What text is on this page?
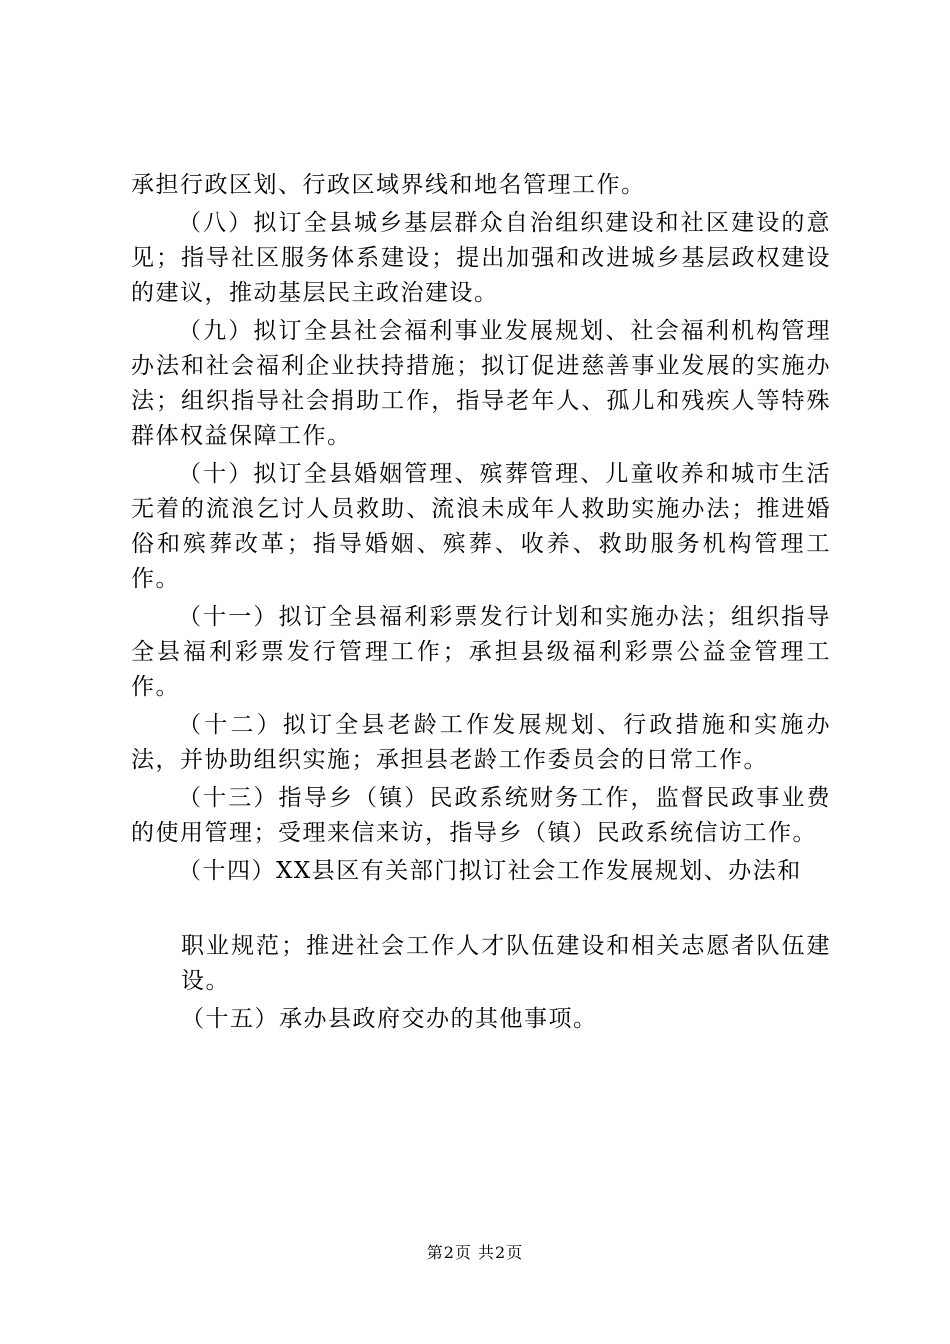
承担行政区划、行政区域界线和地名管理工作。

（八）拟订全县城乡基层群众自治组织建设和社区建设的意见；指导社区服务体系建设；提出加强和改进城乡基层政权建设的建议，推动基层民主政治建设。

（九）拟订全县社会福利事业发展规划、社会福利机构管理办法和社会福利企业扶持措施；拟订促进慈善事业发展的实施办法；组织指导社会捐助工作，指导老年人、孤儿和残疾人等特殊群体权益保障工作。

（十）拟订全县婚姻管理、殡葬管理、儿童收养和城市生活无着的流浪乞讨人员救助、流浪未成年人救助实施办法；推进婚俗和殡葬改革；指导婚姻、殡葬、收养、救助服务机构管理工作。

（十一）拟订全县福利彩票发行计划和实施办法；组织指导全县福利彩票发行管理工作；承担县级福利彩票公益金管理工作。

（十二）拟订全县老龄工作发展规划、行政措施和实施办法，并协助组织实施；承担县老龄工作委员会的日常工作。

（十三）指导乡（镇）民政系统财务工作，监督民政事业费的使用管理；受理来信来访，指导乡（镇）民政系统信访工作。

（十四）XX县区有关部门拟订社会工作发展规划、办法和

职业规范；推进社会工作人才队伍建设和相关志愿者队伍建设。

（十五）承办县政府交办的其他事项。

第2页 共2页
